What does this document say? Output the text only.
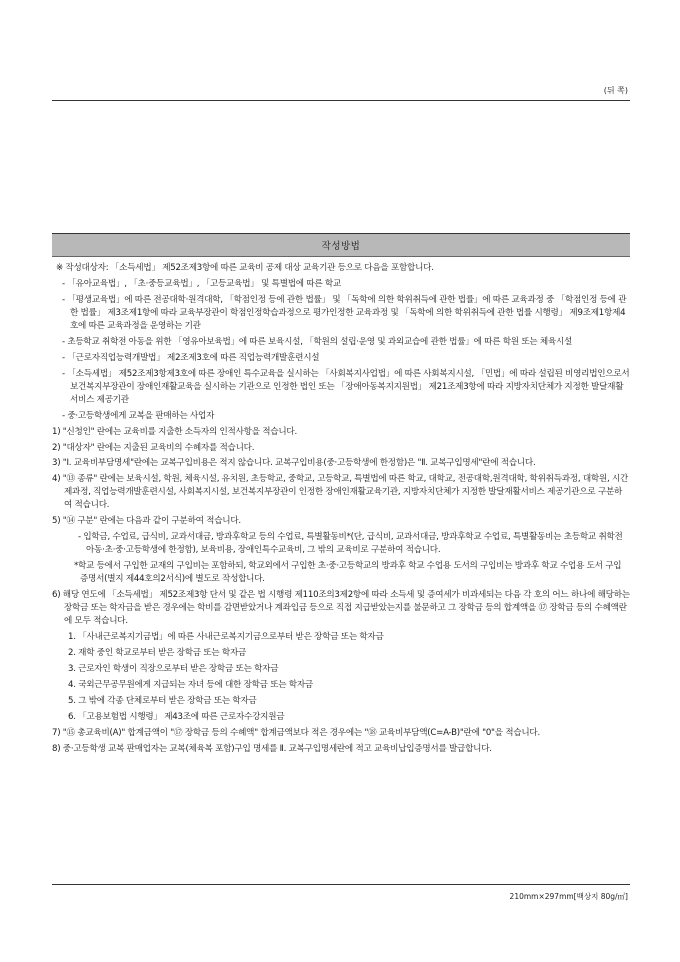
(뒤 쪽)
작성방법
※ 작성대상자: 「소득세법」 제52조제3항에 따른 교육비 공제 대상 교육기관 등으로 다음을 포함합니다.
- 「유아교육법」, 「초·중등교육법」, 「고등교육법」 및 특별법에 따른 학교
- 「평생교육법」에 따른 전공대학·원격대학, 「학점인정 등에 관한 법률」 및 「독학에 의한 학위취득에 관한 법률」에 따른 교육과정 중 「학점인정 등에 관한 법률」 제3조제1항에 따라 교육부장관이 학점인정학습과정으로 평가인정한 교육과정 및 「독학에 의한 학위취득에 관한 법률 시행령」 제9조제1항제4호에 따른 교육과정을 운영하는 기관
- 초등학교 취학전 아동을 위한 「영유아보육법」에 따른 보육시설, 「학원의 설립·운영 및 과외교습에 관한 법률」에 따른 학원 또는 체육시설
- 「근로자직업능력개발법」 제2조제3호에 따른 직업능력개발훈련시설
- 「소득세법」 제52조제3항제3호에 따른 장애인 특수교육을 실시하는 「사회복지사업법」에 따른 사회복지시설, 「민법」에 따라 설립된 비영리법인으로서 보건복지부장관이 장애인재활교육을 실시하는 기관으로 인정한 법인 또는 「장애아동복지지원법」 제21조제3항에 따라 지방자치단체가 지정한 발달재활서비스 제공기관
- 중·고등학생에게 교복을 판매하는 사업자
1) "신청인" 란에는 교육비를 지출한 소득자의 인적사항을 적습니다.
2) "대상자" 란에는 지출된 교육비의 수혜자를 적습니다.
3) "Ⅰ. 교육비부담명세"란에는 교복구입비용은 적지 않습니다. 교복구입비용(중·고등학생에 한정함)은 "Ⅱ. 교복구입명세"란에 적습니다.
4) "⑬ 종류" 란에는 보육시설, 학원, 체육시설, 유치원, 초등학교, 중학교, 고등학교, 특별법에 따른 학교, 대학교, 전공대학,원격대학, 학위취득과정, 대학원, 시간제과정, 직업능력개발훈련시설, 사회복지시설, 보건복지부장관이 인정한 장애인재활교육기관, 지방자치단체가 지정한 발달재활서비스 제공기관으로 구분하여 적습니다.
5) "⑭ 구분" 란에는 다음과 같이 구분하여 적습니다.
- 입학금, 수업료, 급식비, 교과서대금, 방과후학교 등의 수업료, 특별활동비*(단, 급식비, 교과서대금, 방과후학교 수업료, 특별활동비는 초등학교 취학전 아동·초·중·고등학생에 한정함), 보육비용, 장애인특수교육비, 그 밖의 교육비로 구분하여 적습니다.
*학교 등에서 구입한 교재의 구입비는 포함하되, 학교외에서 구입한 초·중·고등학교의 방과후 학교 수업용 도서의 구입비는 방과후 학교 수업용 도서 구입 증명서(별지 제44호의2서식)에 별도로 작성합니다.
6) 해당 연도에 「소득세법」 제52조제3항 단서 및 같은 법 시행령 제110조의3제2항에 따라 소득세 및 증여세가 비과세되는 다음 각 호의 어느 하나에 해당하는 장학금 또는 학자금을 받은 경우에는 학비를 감면받았거나 계좌입금 등으로 직접 지급받았는지를 불문하고 그 장학금 등의 합계액을 ⑰ 장학금 등의 수혜액란에 모두 적습니다.
1. 「사내근로복지기금법」에 따른 사내근로복지기금으로부터 받은 장학금 또는 학자금
2. 재학 중인 학교로부터 받은 장학금 또는 학자금
3. 근로자인 학생이 직장으로부터 받은 장학금 또는 학자금
4. 국외근무공무원에게 지급되는 자녀 등에 대한 장학금 또는 학자금
5. 그 밖에 각종 단체로부터 받은 장학금 또는 학자금
6. 「고용보험법 시행령」 제43조에 따른 근로자수강지원금
7) "⑮ 총교육비(A)" 합계금액이 "⑰ 장학금 등의 수혜액" 합계금액보다 적은 경우에는 "⑱ 교육비부담액(C=A-B)"란에 "0"을 적습니다.
8) 중·고등학생 교복 판매업자는 교복(체육복 포함)구입 명세를 Ⅱ. 교복구입명세란에 적고 교육비납입증명서를 발급합니다.
210mm×297mm[백상지 80g/㎡]
